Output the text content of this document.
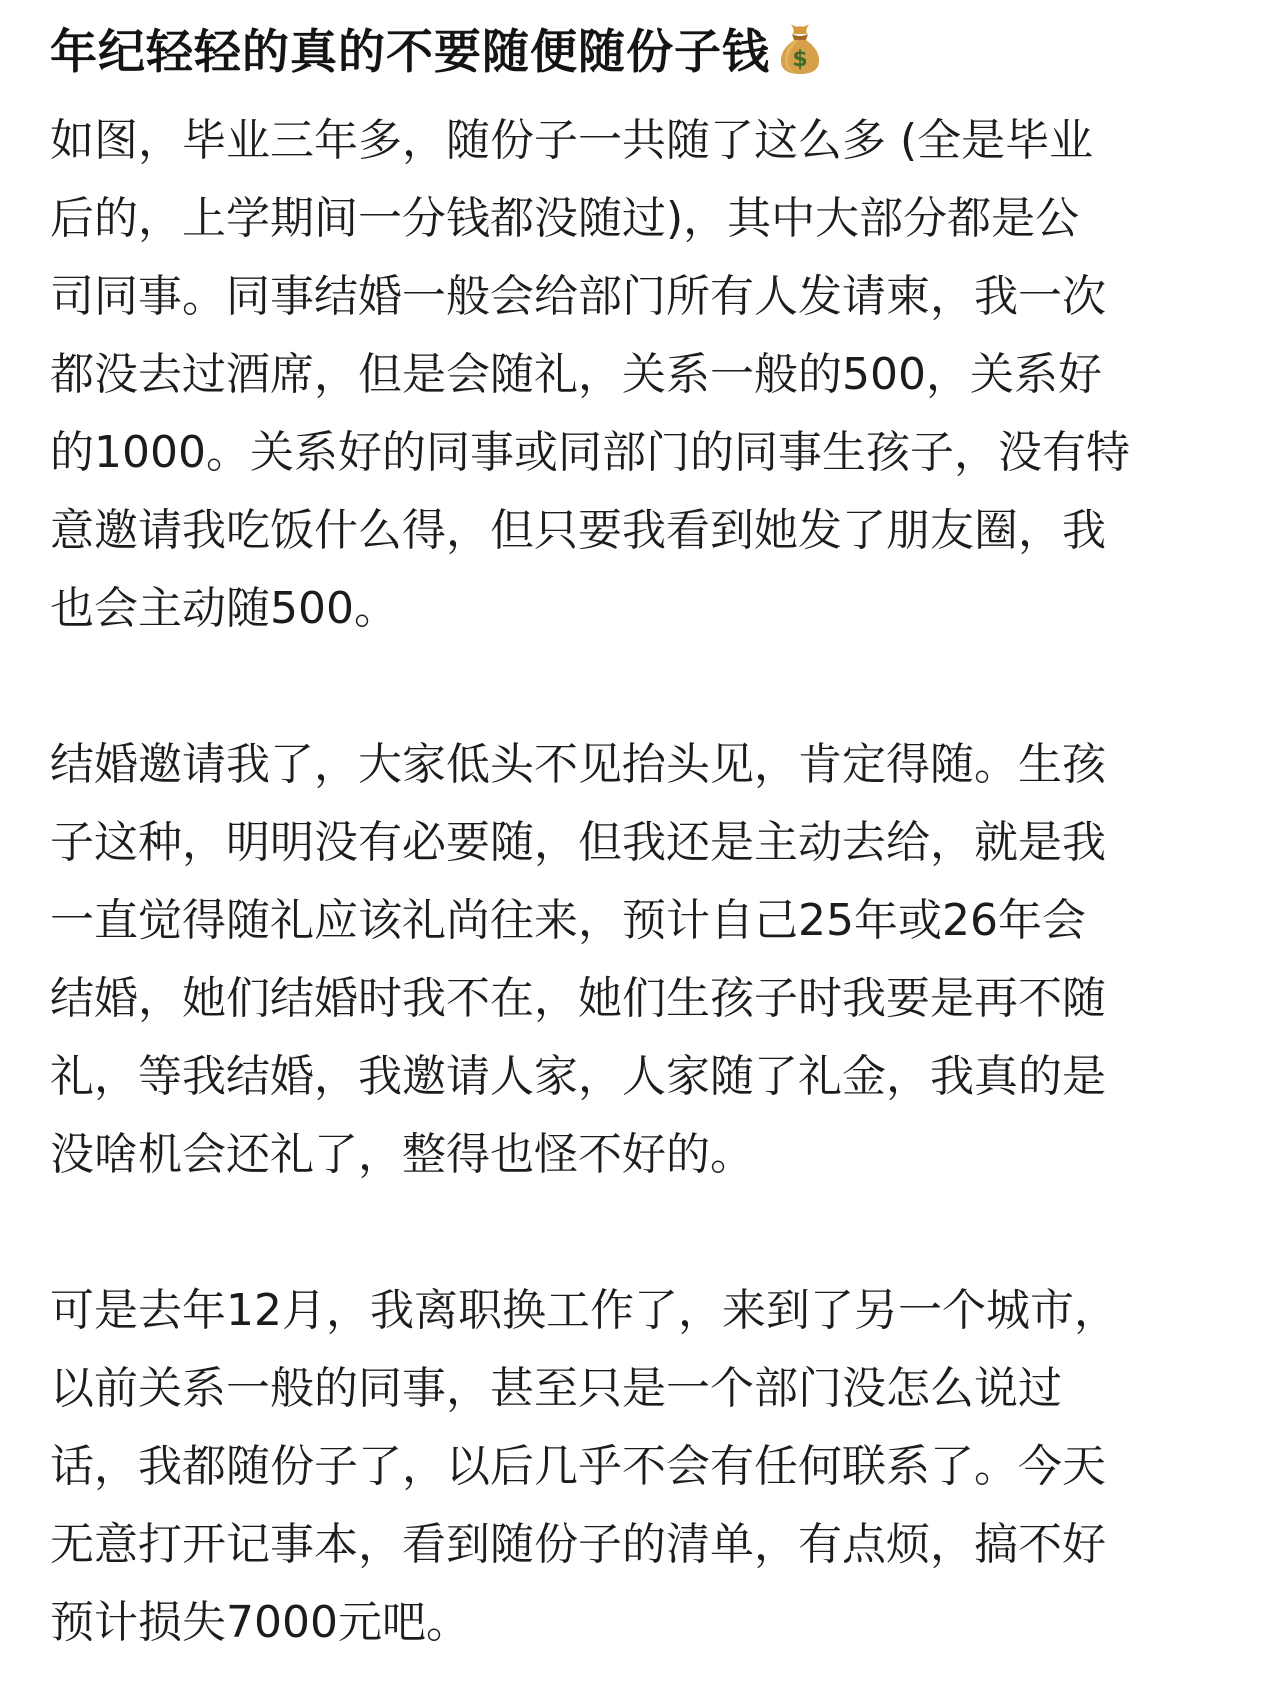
年纪轻轻的真的不要随便随份子钱 $
如图，毕业三年多，随份子一共随了这么多 (全是毕业
后的，上学期间一分钱都没随过)，其中大部分都是公
司同事。同事结婚一般会给部门所有人发请柬，我一次
都没去过酒席，但是会随礼，关系一般的500，关系好
的1000。关系好的同事或同部门的同事生孩子，没有特
意邀请我吃饭什么得，但只要我看到她发了朋友圈，我
也会主动随500。
结婚邀请我了，大家低头不见抬头见，肯定得随。生孩
子这种，明明没有必要随，但我还是主动去给，就是我
一直觉得随礼应该礼尚往来，预计自己25年或26年会
结婚，她们结婚时我不在，她们生孩子时我要是再不随
礼，等我结婚，我邀请人家，人家随了礼金，我真的是
没啥机会还礼了，整得也怪不好的。
可是去年12月，我离职换工作了，来到了另一个城市，
以前关系一般的同事，甚至只是一个部门没怎么说过
话，我都随份子了，以后几乎不会有任何联系了。今天
无意打开记事本，看到随份子的清单，有点烦，搞不好
预计损失7000元吧。
